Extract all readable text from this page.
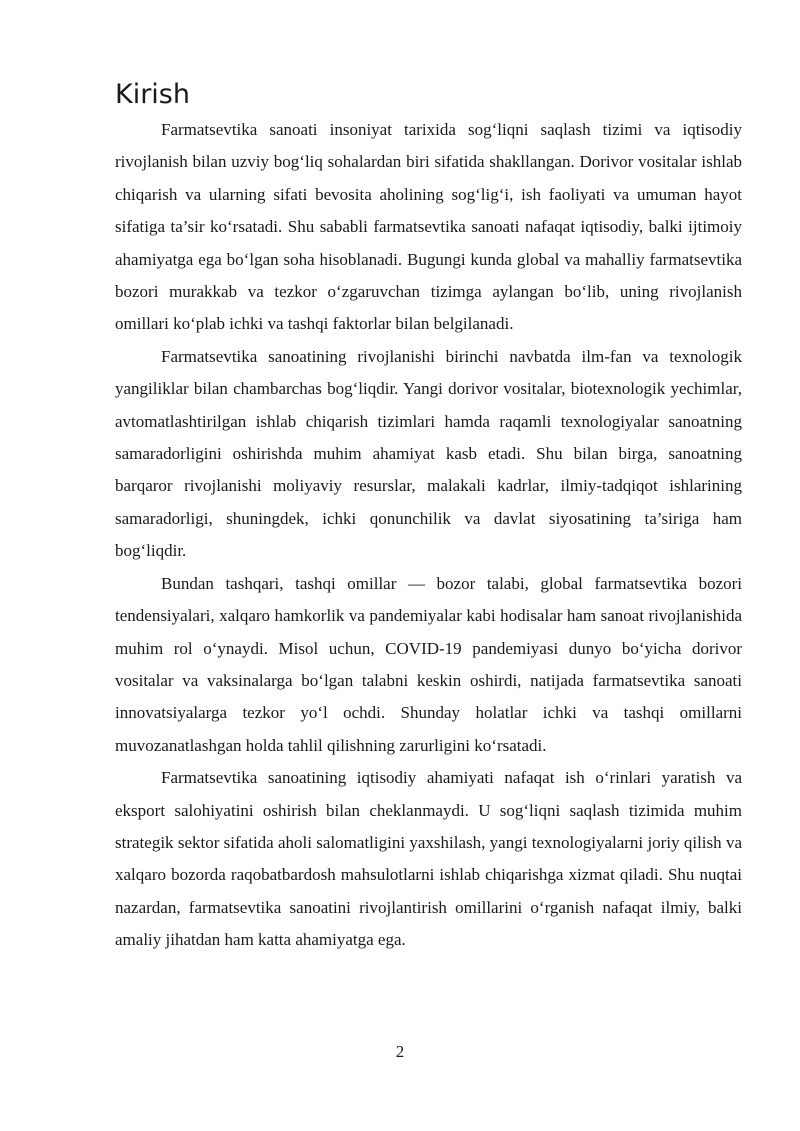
Kirish

Farmatsevtika sanoati insoniyat tarixida sog‘liqni saqlash tizimi va iqtisodiy rivojlanish bilan uzviy bog‘liq sohalardan biri sifatida shakllangan. Dorivor vositalar ishlab chiqarish va ularning sifati bevosita aholining sog‘lig‘i, ish faoliyati va umuman hayot sifatiga ta’sir ko‘rsatadi. Shu sababli farmatsevtika sanoati nafaqat iqtisodiy, balki ijtimoiy ahamiyatga ega bo‘lgan soha hisoblanadi. Bugungi kunda global va mahalliy farmatsevtika bozori murakkab va tezkor o‘zgaruvchan tizimga aylangan bo‘lib, uning rivojlanish omillari ko‘plab ichki va tashqi faktorlar bilan belgilanadi.

Farmatsevtika sanoatining rivojlanishi birinchi navbatda ilm-fan va texnologik yangiliklar bilan chambarchas bog‘liqdir. Yangi dorivor vositalar, biotexnologik yechimlar, avtomatlashtirilgan ishlab chiqarish tizimlari hamda raqamli texnologiyalar sanoatning samaradorligini oshirishda muhim ahamiyat kasb etadi. Shu bilan birga, sanoatning barqaror rivojlanishi moliyaviy resurslar, malakali kadrlar, ilmiy-tadqiqot ishlarining samaradorligi, shuningdek, ichki qonunchilik va davlat siyosatining ta’siriga ham bog‘liqdir.

Bundan tashqari, tashqi omillar — bozor talabi, global farmatsevtika bozori tendensiyalari, xalqaro hamkorlik va pandemiyalar kabi hodisalar ham sanoat rivojlanishida muhim rol o‘ynaydi. Misol uchun, COVID-19 pandemiyasi dunyo bo‘yicha dorivor vositalar va vaksinalarga bo‘lgan talabni keskin oshirdi, natijada farmatsevtika sanoati innovatsiyalarga tezkor yo‘l ochdi. Shunday holatlar ichki va tashqi omillarni muvozanatlashgan holda tahlil qilishning zarurligini ko‘rsatadi.

Farmatsevtika sanoatining iqtisodiy ahamiyati nafaqat ish o‘rinlari yaratish va eksport salohiyatini oshirish bilan cheklanmaydi. U sog‘liqni saqlash tizimida muhim strategik sektor sifatida aholi salomatligini yaxshilash, yangi texnologiyalarni joriy qilish va xalqaro bozorda raqobatbardosh mahsulotlarni ishlab chiqarishga xizmat qiladi. Shu nuqtai nazardan, farmatsevtika sanoatini rivojlantirish omillarini o‘rganish nafaqat ilmiy, balki amaliy jihatdan ham katta ahamiyatga ega.

2
